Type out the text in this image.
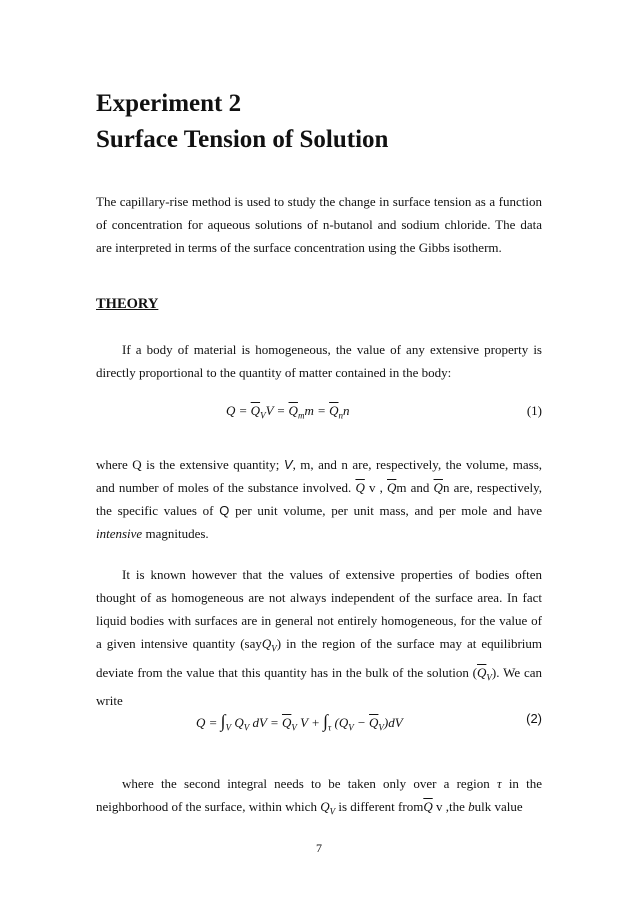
Experiment 2
Surface Tension of Solution
The capillary-rise method is used to study the change in surface tension as a function of concentration for aqueous solutions of n-butanol and sodium chloride. The data are interpreted in terms of the surface concentration using the Gibbs isotherm.
THEORY
If a body of material is homogeneous, the value of any extensive property is directly proportional to the quantity of matter contained in the body:
$Q = \overline{Q}_VV = \overline{Q}_mm = \overline{Q}_nn$	(1)
where Q is the extensive quantity; V, m, and n are, respectively, the volume, mass, and number of moles of the substance involved. $\overline{Q}$ v , $\overline{Q}m$ and $\overline{Q}n$ are, respectively, the specific values of Q per unit volume, per unit mass, and per mole and have intensive magnitudes.
It is known however that the values of extensive properties of bodies often thought of as homogeneous are not always independent of the surface area. In fact liquid bodies with surfaces are in general not entirely homogeneous, for the value of a given intensive quantity (sayQ$_V$) in the region of the surface may at equilibrium deviate from the value that this quantity has in the bulk of the solution $(\overline{Q}_V)$. We can write
$Q = \int_V$ $Q_V$ dV = $\overline{Q}_V$ $V + \int_\tau$ $(Q_V - \overline{Q}_V)dV$	(2)
where the second integral needs to be taken only over a region τ in the neighborhood of the surface, within which $Q_V$ is different $from\overline{Q}$ v ,the bulk value
7
